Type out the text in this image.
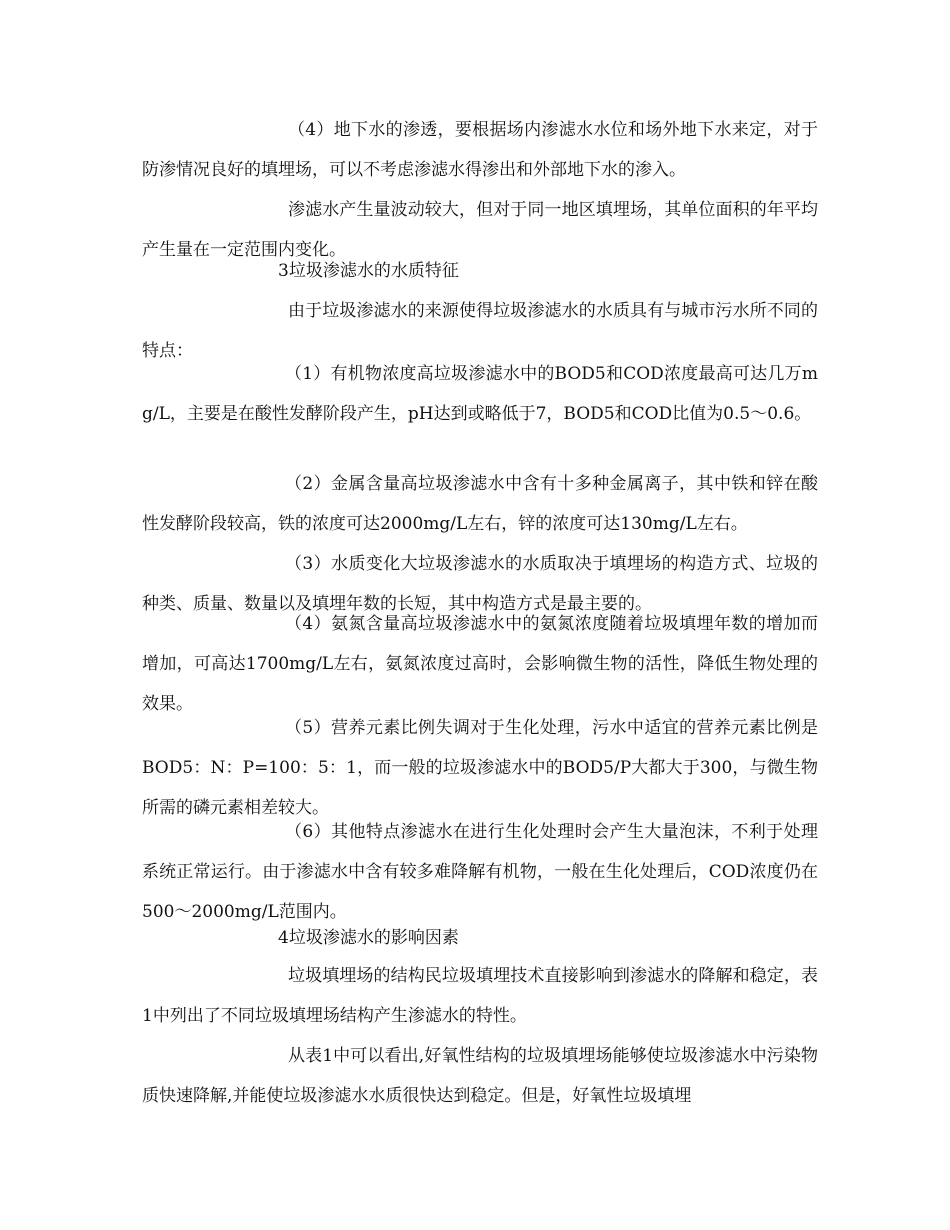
（4）地下水的渗透，要根据场内渗滤水水位和场外地下水来定，对于防渗情况良好的填埋场，可以不考虑渗滤水得渗出和外部地下水的渗入。

渗滤水产生量波动较大，但对于同一地区填埋场，其单位面积的年平均产生量在一定范围内变化。

3垃圾渗滤水的水质特征

由于垃圾渗滤水的来源使得垃圾渗滤水的水质具有与城市污水所不同的特点：

（1）有机物浓度高垃圾渗滤水中的BOD5和COD浓度最高可达几万mg/L，主要是在酸性发酵阶段产生，pH达到或略低于7，BOD5和COD比值为0.5～0.6。

（2）金属含量高垃圾渗滤水中含有十多种金属离子，其中铁和锌在酸性发酵阶段较高，铁的浓度可达2000mg/L左右，锌的浓度可达130mg/L左右。

（3）水质变化大垃圾渗滤水的水质取决于填埋场的构造方式、垃圾的种类、质量、数量以及填埋年数的长短，其中构造方式是最主要的。

（4）氨氮含量高垃圾渗滤水中的氨氮浓度随着垃圾填埋年数的增加而增加，可高达1700mg/L左右，氨氮浓度过高时，会影响微生物的活性，降低生物处理的效果。

（5）营养元素比例失调对于生化处理，污水中适宜的营养元素比例是BOD5：N：P=100：5：1，而一般的垃圾渗滤水中的BOD5/P大都大于300，与微生物所需的磷元素相差较大。

（6）其他特点渗滤水在进行生化处理时会产生大量泡沫，不利于处理系统正常运行。由于渗滤水中含有较多难降解有机物，一般在生化处理后，COD浓度仍在500～2000mg/L范围内。

4垃圾渗滤水的影响因素

垃圾填埋场的结构民垃圾填埋技术直接影响到渗滤水的降解和稳定，表1中列出了不同垃圾填埋场结构产生渗滤水的特性。

从表1中可以看出,好氧性结构的垃圾填埋场能够使垃圾渗滤水中污染物质快速降解,并能使垃圾渗滤水水质很快达到稳定。但是，好氧性垃圾填埋
